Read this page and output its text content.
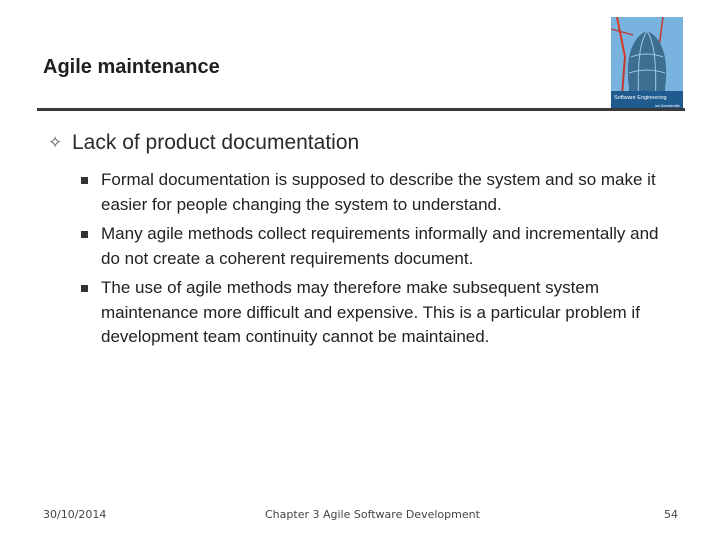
Agile maintenance
Software Engineering
Ian Sommerville
✧ Lack of product documentation
Formal documentation is supposed to describe the system and so make it easier for people changing the system to understand.
Many agile methods collect requirements informally and incrementally and do not create a coherent requirements document.
The use of agile methods may therefore make subsequent system maintenance more difficult and expensive. This is a particular problem if development team continuity cannot be maintained.
30/10/2014	Chapter 3 Agile Software Development	54
